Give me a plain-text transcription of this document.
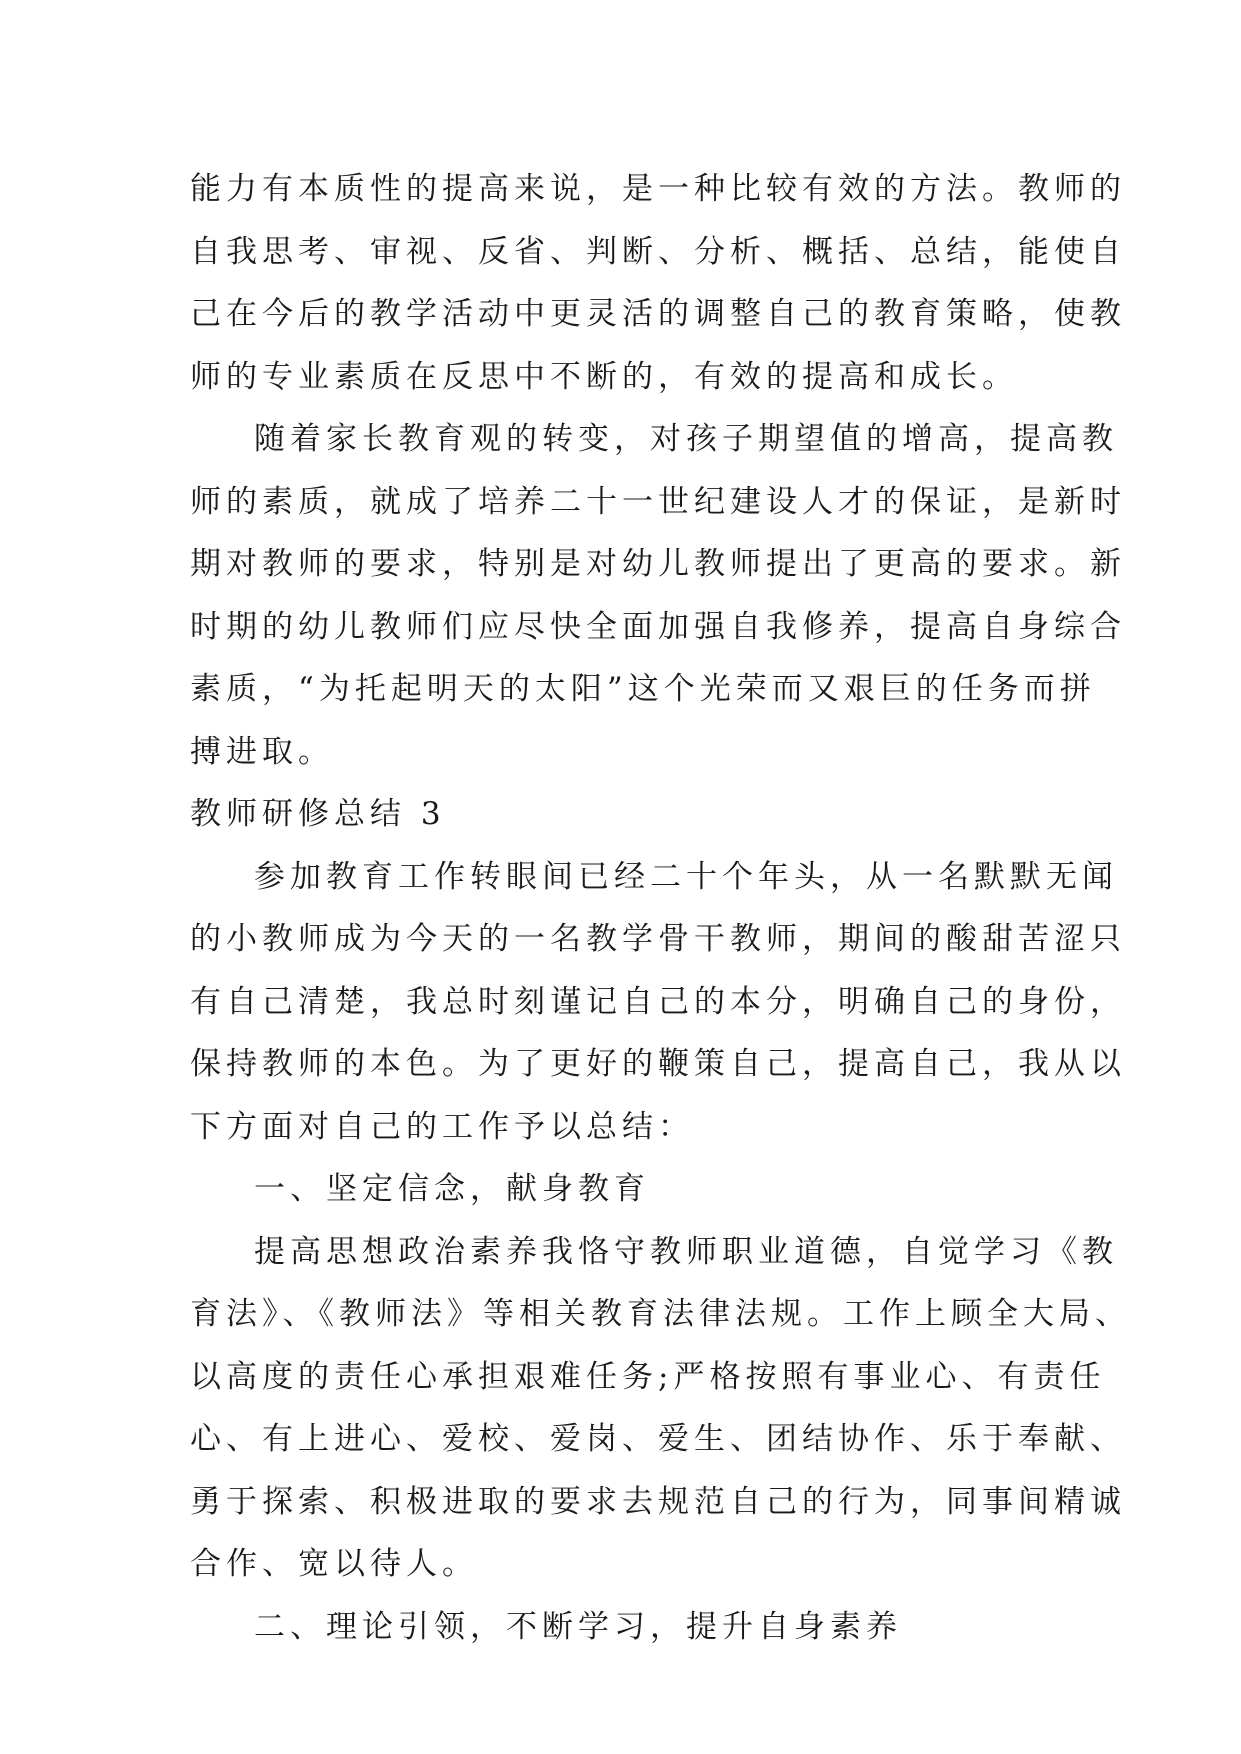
能力有本质性的提高来说，是一种比较有效的方法。教师的
自我思考、审视、反省、判断、分析、概括、总结，能使自
己在今后的教学活动中更灵活的调整自己的教育策略，使教
师的专业素质在反思中不断的，有效的提高和成长。
随着家长教育观的转变，对孩子期望值的增高，提高教
师的素质，就成了培养二十一世纪建设人才的保证，是新时
期对教师的要求，特别是对幼儿教师提出了更高的要求。新
时期的幼儿教师们应尽快全面加强自我修养，提高自身综合
素质，“为托起明天的太阳”这个光荣而又艰巨的任务而拼
搏进取。
教师研修总结 3
参加教育工作转眼间已经二十个年头，从一名默默无闻
的小教师成为今天的一名教学骨干教师，期间的酸甜苦涩只
有自己清楚，我总时刻谨记自己的本分，明确自己的身份，
保持教师的本色。为了更好的鞭策自己，提高自己，我从以
下方面对自己的工作予以总结：
一、坚定信念，献身教育
提高思想政治素养我恪守教师职业道德，自觉学习《教
育法》、《教师法》等相关教育法律法规。工作上顾全大局、
以高度的责任心承担艰难任务;严格按照有事业心、有责任
心、有上进心、爱校、爱岗、爱生、团结协作、乐于奉献、
勇于探索、积极进取的要求去规范自己的行为，同事间精诚
合作、宽以待人。
二、理论引领，不断学习，提升自身素养
